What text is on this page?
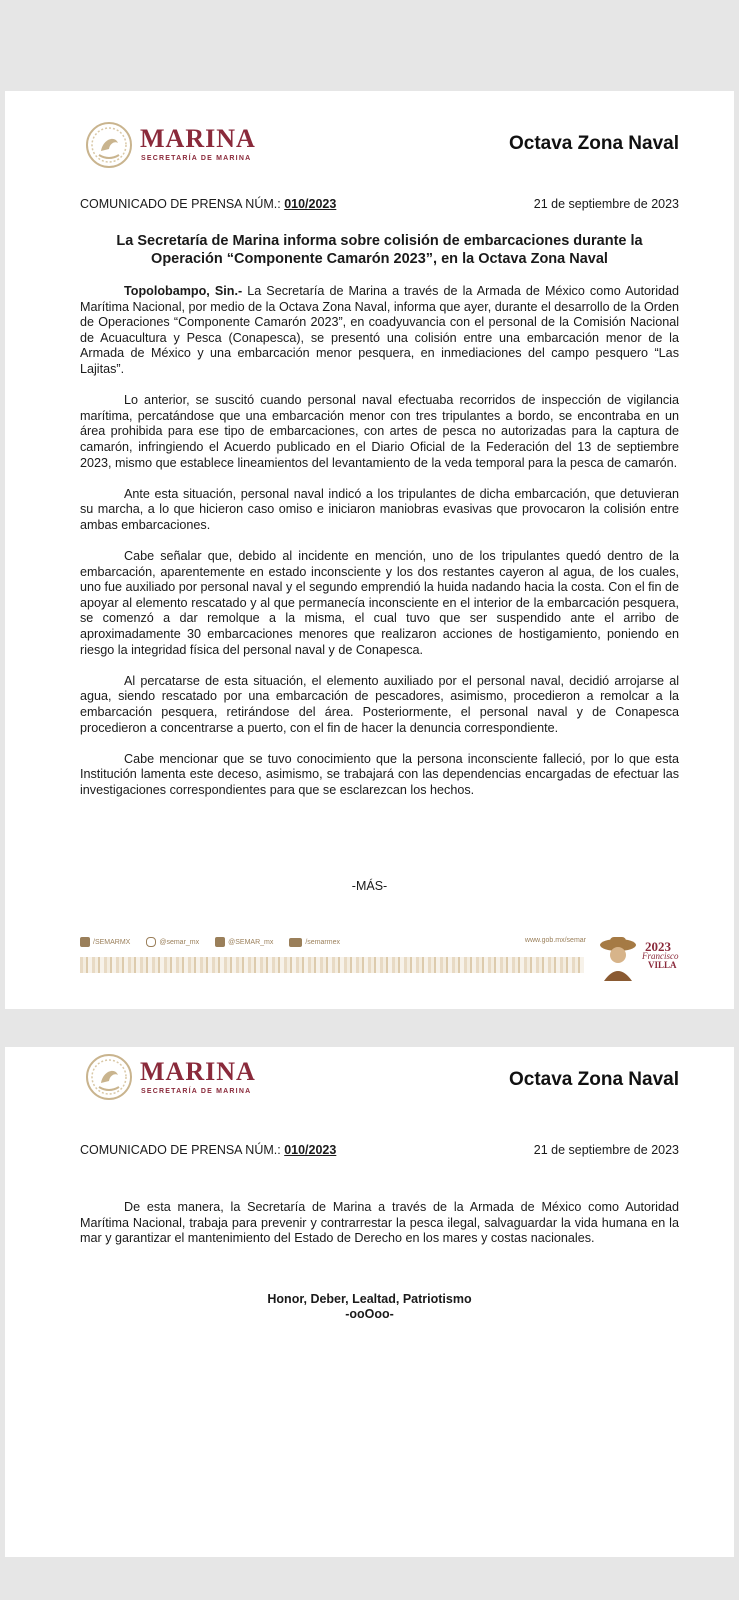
MARINA
SECRETARÍA DE MARINA
Octava Zona Naval
COMUNICADO DE PRENSA NÚM.: 010/2023	21 de septiembre de 2023
La Secretaría de Marina informa sobre colisión de embarcaciones durante la Operación “Componente Camarón 2023”, en la Octava Zona Naval

Topolobampo, Sin.- La Secretaría de Marina a través de la Armada de México como Autoridad Marítima Nacional, por medio de la Octava Zona Naval, informa que ayer, durante el desarrollo de la Orden de Operaciones “Componente Camarón 2023”, en coadyuvancia con el personal de la Comisión Nacional de Acuacultura y Pesca (Conapesca), se presentó una colisión entre una embarcación menor de la Armada de México y una embarcación menor pesquera, en inmediaciones del campo pesquero “Las Lajitas”.

Lo anterior, se suscitó cuando personal naval efectuaba recorridos de inspección de vigilancia marítima, percatándose que una embarcación menor con tres tripulantes a bordo, se encontraba en un área prohibida para ese tipo de embarcaciones, con artes de pesca no autorizadas para la captura de camarón, infringiendo el Acuerdo publicado en el Diario Oficial de la Federación del 13 de septiembre 2023, mismo que establece lineamientos del levantamiento de la veda temporal para la pesca de camarón.

Ante esta situación, personal naval indicó a los tripulantes de dicha embarcación, que detuvieran su marcha, a lo que hicieron caso omiso e iniciaron maniobras evasivas que provocaron la colisión entre ambas embarcaciones.

Cabe señalar que, debido al incidente en mención, uno de los tripulantes quedó dentro de la embarcación, aparentemente en estado inconsciente y los dos restantes cayeron al agua, de los cuales, uno fue auxiliado por personal naval y el segundo emprendió la huida nadando hacia la costa. Con el fin de apoyar al elemento rescatado y al que permanecía inconsciente en el interior de la embarcación pesquera, se comenzó a dar remolque a la misma, el cual tuvo que ser suspendido ante el arribo de aproximadamente 30 embarcaciones menores que realizaron acciones de hostigamiento, poniendo en riesgo la integridad física del personal naval y de Conapesca.

Al percatarse de esta situación, el elemento auxiliado por el personal naval, decidió arrojarse al agua, siendo rescatado por una embarcación de pescadores, asimismo, procedieron a remolcar a la embarcación pesquera, retirándose del área. Posteriormente, el personal naval y de Conapesca procedieron a concentrarse a puerto, con el fin de hacer la denuncia correspondiente.

Cabe mencionar que se tuvo conocimiento que la persona inconsciente falleció, por lo que esta Institución lamenta este deceso, asimismo, se trabajará con las dependencias encargadas de efectuar las investigaciones correspondientes para que se esclarezcan los hechos.

-MÁS-
/SEMARMX	@semar_mx	@SEMAR_mx	/semarmex	www.gob.mx/semar	2023
Francisco
VILLA
MARINA
SECRETARÍA DE MARINA
Octava Zona Naval
COMUNICADO DE PRENSA NÚM.: 010/2023	21 de septiembre de 2023

De esta manera, la Secretaría de Marina a través de la Armada de México como Autoridad Marítima Nacional, trabaja para prevenir y contrarrestar la pesca ilegal, salvaguardar la vida humana en la mar y garantizar el mantenimiento del Estado de Derecho en los mares y costas nacionales.

Honor, Deber, Lealtad, Patriotismo
-ooOoo-
